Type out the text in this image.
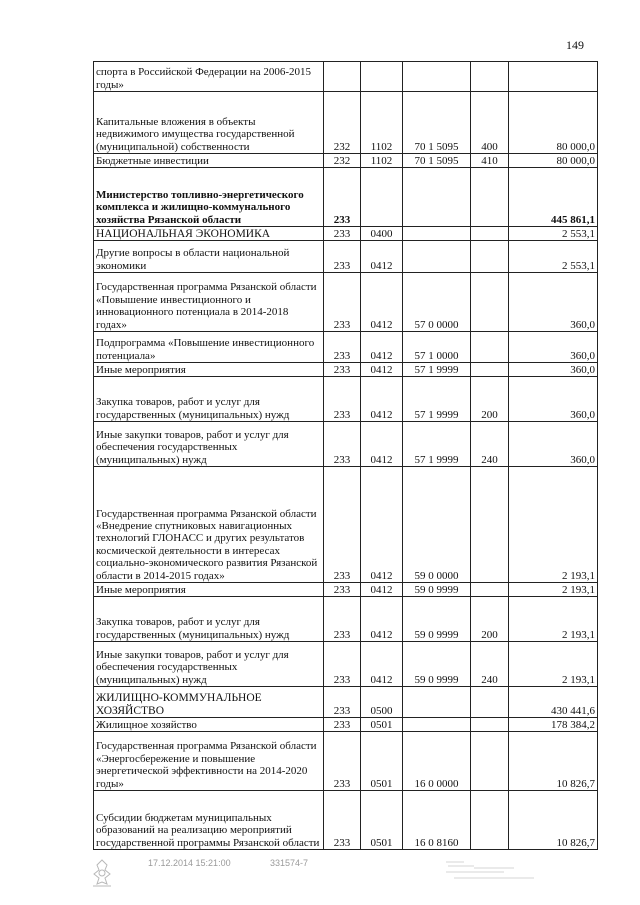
149
спорта в Российской Федерации на 2006-2015 годы»					
Капитальные вложения в объекты недвижимого имущества государственной (муниципальной) собственности	232	1102	70 1 5095	400	80 000,0
Бюджетные инвестиции	232	1102	70 1 5095	410	80 000,0
Министерство топливно-энергетического комплекса и жилищно-коммунального хозяйства Рязанской области	233				445 861,1
НАЦИОНАЛЬНАЯ ЭКОНОМИКА	233	0400			2 553,1
Другие вопросы в области национальной экономики	233	0412			2 553,1
Государственная программа Рязанской области «Повышение инвестиционного и инновационного потенциала в 2014-2018 годах»	233	0412	57 0 0000		360,0
Подпрограмма «Повышение инвестиционного потенциала»	233	0412	57 1 0000		360,0
Иные мероприятия	233	0412	57 1 9999		360,0
Закупка товаров, работ и услуг для государственных (муниципальных) нужд	233	0412	57 1 9999	200	360,0
Иные закупки товаров, работ и услуг для обеспечения государственных (муниципальных) нужд	233	0412	57 1 9999	240	360,0
Государственная программа Рязанской области «Внедрение спутниковых навигационных технологий ГЛОНАСС и других результатов космической деятельности в интересах социально-экономического развития Рязанской области в 2014-2015 годах»	233	0412	59 0 0000		2 193,1
Иные мероприятия	233	0412	59 0 9999		2 193,1
Закупка товаров, работ и услуг для государственных (муниципальных) нужд	233	0412	59 0 9999	200	2 193,1
Иные закупки товаров, работ и услуг для обеспечения государственных (муниципальных) нужд	233	0412	59 0 9999	240	2 193,1
ЖИЛИЩНО-КОММУНАЛЬНОЕ ХОЗЯЙСТВО	233	0500			430 441,6
Жилищное хозяйство	233	0501			178 384,2
Государственная программа Рязанской области «Энергосбережение и повышение энергетической эффективности на 2014-2020 годы»	233	0501	16 0 0000		10 826,7
Субсидии бюджетам муниципальных образований на реализацию мероприятий государственной программы Рязанской области	233	0501	16 0 8160		10 826,7
17.12.2014 15:21:00	331574-7
